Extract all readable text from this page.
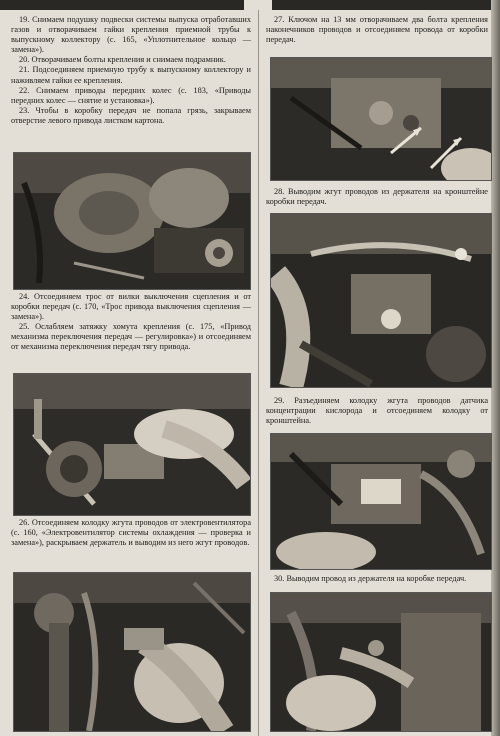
19. Снимаем подушку подвески системы выпуска отработавших газов и отворачиваем гайки крепления приемной трубы к выпускному коллектору (с. 165, «Уплотнительное кольцо — замена»).

20. Отворачиваем болты крепления и снимаем подрамник.

21. Подсоединяем приемную трубу к выпускному коллектору и наживляем гайки ее крепления.

22. Снимаем приводы передних колес (с. 183, «Приводы передних колес — снятие и установка»).

23. Чтобы в коробку передач не попала грязь, закрываем отверстие левого привода листком картона.

24. Отсоединяем трос от вилки выключения сцепления и от коробки передач (с. 170, «Трос привода выключения сцепления — замена»).

25. Ослабляем затяжку хомута крепления (с. 175, «Привод механизма переключения передач — регулировка») и отсоединяем от механизма переключения передач тягу привода.

26. Отсоединяем колодку жгута проводов от электровентилятора (с. 160, «Электровентилятор системы охлаждения — проверка и замена»), раскрываем держатель и выводим из него жгут проводов.

27. Ключом на 13 мм отворачиваем два болта крепления наконечников проводов и отсоединяем провода от коробки передач.

28. Выводим жгут проводов из держателя на кронштейне коробки передач.

29. Разъединяем колодку жгута проводов датчика концентрации кислорода и отсоединяем колодку от кронштейна.

30. Выводим провод из держателя на коробке передач.
